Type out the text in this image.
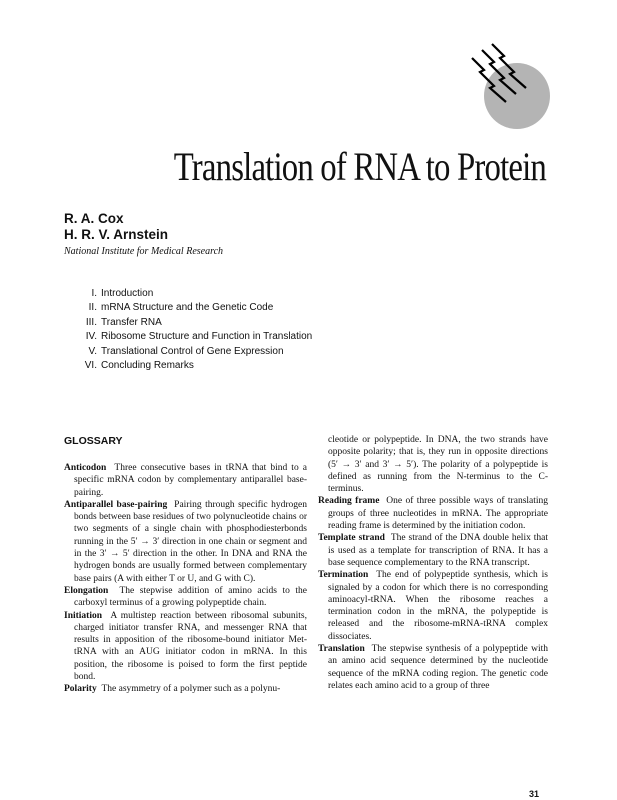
Translation of RNA to Protein
R. A. Cox
H. R. V. Arnstein
National Institute for Medical Research
I. Introduction
II. mRNA Structure and the Genetic Code
III. Transfer RNA
IV. Ribosome Structure and Function in Translation
V. Translational Control of Gene Expression
VI. Concluding Remarks
GLOSSARY

Anticodon Three consecutive bases in tRNA that bind to a specific mRNA codon by complementary antiparallel base-pairing.

Antiparallel base-pairing Pairing through specific hydrogen bonds between base residues of two polynucleotide chains or two segments of a single chain with phosphodiesterbonds running in the 5′ → 3′ direction in one chain or segment and in the 3′ → 5′ direction in the other. In DNA and RNA the hydrogen bonds are usually formed between complementary base pairs (A with either T or U, and G with C).

Elongation The stepwise addition of amino acids to the carboxyl terminus of a growing polypeptide chain.

Initiation A multistep reaction between ribosomal subunits, charged initiator transfer RNA, and messenger RNA that results in apposition of the ribosome-bound initiator Met-tRNA with an AUG initiator codon in mRNA. In this position, the ribosome is poised to form the first peptide bond.

Polarity The asymmetry of a polymer such as a polynu-

cleotide or polypeptide. In DNA, the two strands have opposite polarity; that is, they run in opposite directions (5′ → 3′ and 3′ → 5′). The polarity of a polypeptide is defined as running from the N-terminus to the C-terminus.

Reading frame One of three possible ways of translating groups of three nucleotides in mRNA. The appropriate reading frame is determined by the initiation codon.

Template strand The strand of the DNA double helix that is used as a template for transcription of RNA. It has a base sequence complementary to the RNA transcript.

Termination The end of polypeptide synthesis, which is signaled by a codon for which there is no corresponding aminoacyl-tRNA. When the ribosome reaches a termination codon in the mRNA, the polypeptide is released and the ribosome-mRNA-tRNA complex dissociates.

Translation The stepwise synthesis of a polypeptide with an amino acid sequence determined by the nucleotide sequence of the mRNA coding region. The genetic code relates each amino acid to a group of three

31
